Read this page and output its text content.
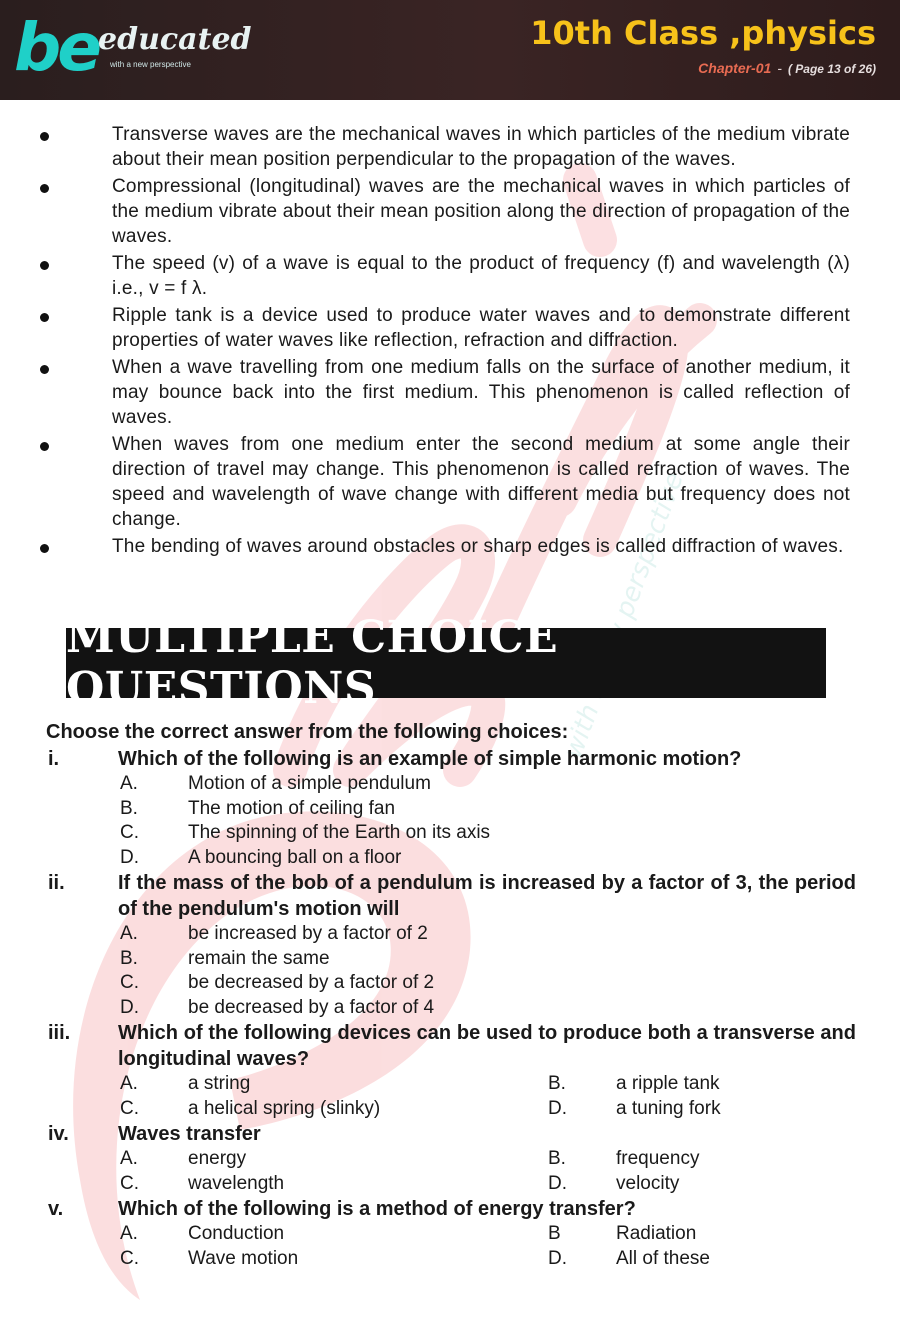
be educated
with a new perspective
10th Class ,physics
Chapter-01 - ( Page 13 of 26)
with a new perspective
Transverse waves are the mechanical waves in which particles of the medium vibrate about their mean position perpendicular to the propagation of the waves.
Compressional (longitudinal) waves are the mechanical waves in which particles of the medium vibrate about their mean position along the direction of propagation of the waves.
The speed (v) of a wave is equal to the product of frequency (f) and wavelength (λ) i.e., v = f λ.
Ripple tank is a device used to produce water waves and to demonstrate different properties of water waves like reflection, refraction and diffraction.
When a wave travelling from one medium falls on the surface of another medium, it may bounce back into the first medium. This phenomenon is called reflection of waves.
When waves from one medium enter the second medium at some angle their direction of travel may change. This phenomenon is called refraction of waves. The speed and wavelength of wave change with different media but frequency does not change.
The bending of waves around obstacles or sharp edges is called diffraction of waves.
MULTIPLE CHOICE QUESTIONS
Choose the correct answer from the following choices:
i.	Which of the following is an example of simple harmonic motion?
A.	Motion of a simple pendulum
B.	The motion of ceiling fan
C.	The spinning of the Earth on its axis
D.	A bouncing ball on a floor
ii.	If the mass of the bob of a pendulum is increased by a factor of 3, the period of the pendulum's motion will
A.	be increased by a factor of 2
B.	remain the same
C.	be decreased by a factor of 2
D.	be decreased by a factor of 4
iii. Which of the following devices can be used to produce both a transverse and longitudinal waves?
A.	a string	B.	a ripple tank
C.	a helical spring (slinky)	D.	a tuning fork
iv. Waves transfer
A.	energy	B.	frequency
C.	wavelength	D.	velocity
v.	Which of the following is a method of energy transfer?
A.	Conduction	B	Radiation
C.	Wave motion	D.	All of these
